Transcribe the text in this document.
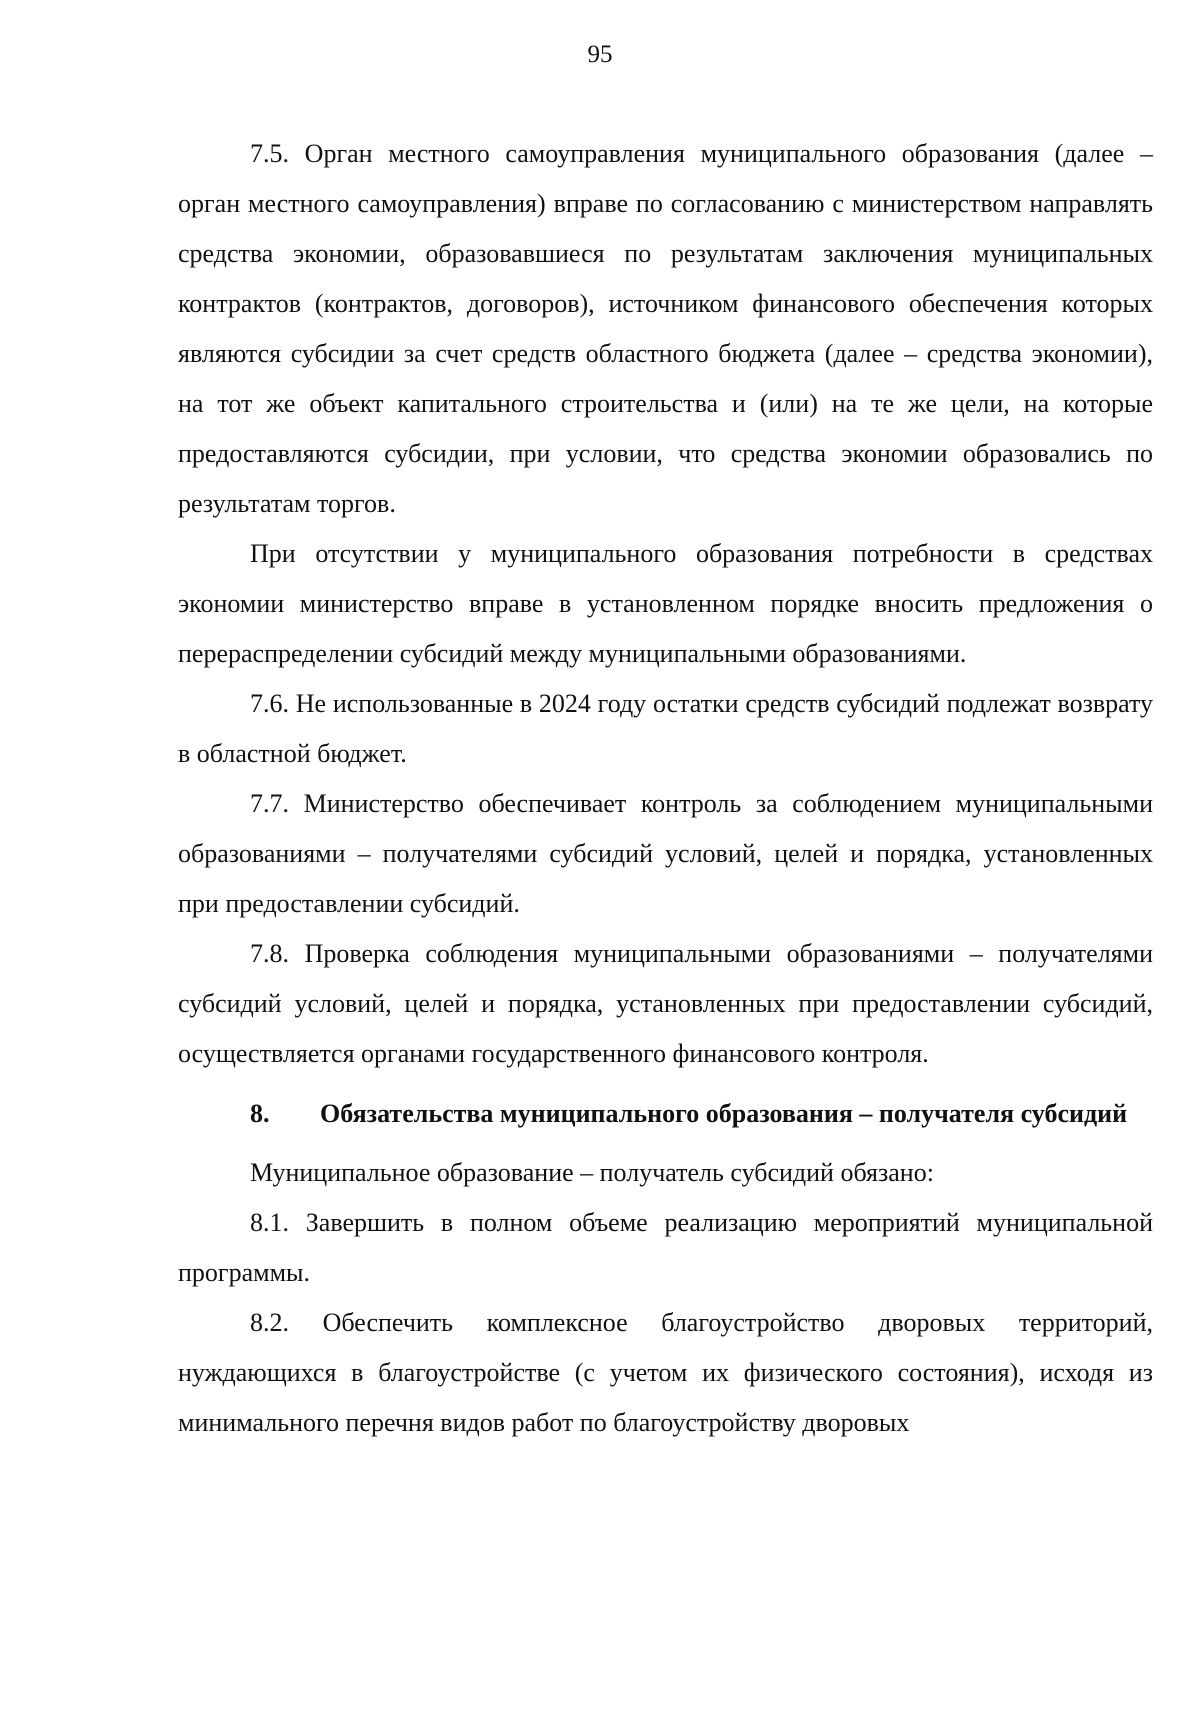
95

7.5. Орган местного самоуправления муниципального образования (далее – орган местного самоуправления) вправе по согласованию с министерством направлять средства экономии, образовавшиеся по результатам заключения муниципальных контрактов (контрактов, договоров), источником финансового обеспечения которых являются субсидии за счет средств областного бюджета (далее – средства экономии), на тот же объект капитального строительства и (или) на те же цели, на которые предоставляются субсидии, при условии, что средства экономии образовались по результатам торгов.

При отсутствии у муниципального образования потребности в средствах экономии министерство вправе в установленном порядке вносить предложения о перераспределении субсидий между муниципальными образованиями.

7.6. Не использованные в 2024 году остатки средств субсидий подлежат возврату в областной бюджет.

7.7. Министерство обеспечивает контроль за соблюдением муниципальными образованиями – получателями субсидий условий, целей и порядка, установленных при предоставлении субсидий.

7.8. Проверка соблюдения муниципальными образованиями – получателями субсидий условий, целей и порядка, установленных при предоставлении субсидий, осуществляется органами государственного финансового контроля.

8. Обязательства муниципального образования – получателя субсидий

Муниципальное образование – получатель субсидий обязано:

8.1. Завершить в полном объеме реализацию мероприятий муниципальной программы.

8.2. Обеспечить комплексное благоустройство дворовых территорий, нуждающихся в благоустройстве (с учетом их физического состояния), исходя из минимального перечня видов работ по благоустройству дворовых
